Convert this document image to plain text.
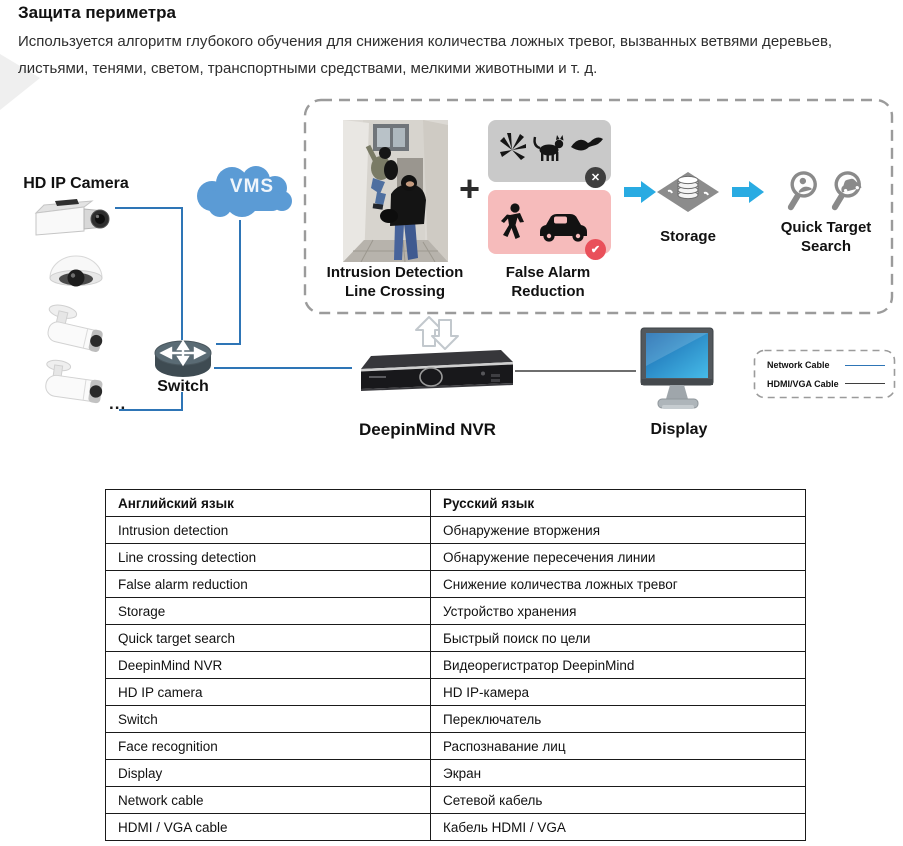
Защита периметра
Используется алгоритм глубокого обучения для снижения количества ложных тревог, вызванных ветвями деревьев,
листьями, тенями, светом, транспортными средствами, мелкими животными и т. д.
HD IP Camera
...
VMS
Switch
Intrusion Detection
Line Crossing
+	✕
✔
False Alarm
Reduction
Storage
Quick Target
Search
DeepinMind NVR	Display
Network Cable
HDMI/VGA Cable
Английский язык	Русский язык
Intrusion detection	Обнаружение вторжения
Line crossing detection	Обнаружение пересечения линии
False alarm reduction	Снижение количества ложных тревог
Storage	Устройство хранения
Quick target search	Быстрый поиск по цели
DeepinMind NVR	Видеорегистратор DeepinMind
HD IP camera	HD IP-камера
Switch	Переключатель
Face recognition	Распознавание лиц
Display	Экран
Network cable	Сетевой кабель
HDMI / VGA cable	Кабель HDMI / VGA
